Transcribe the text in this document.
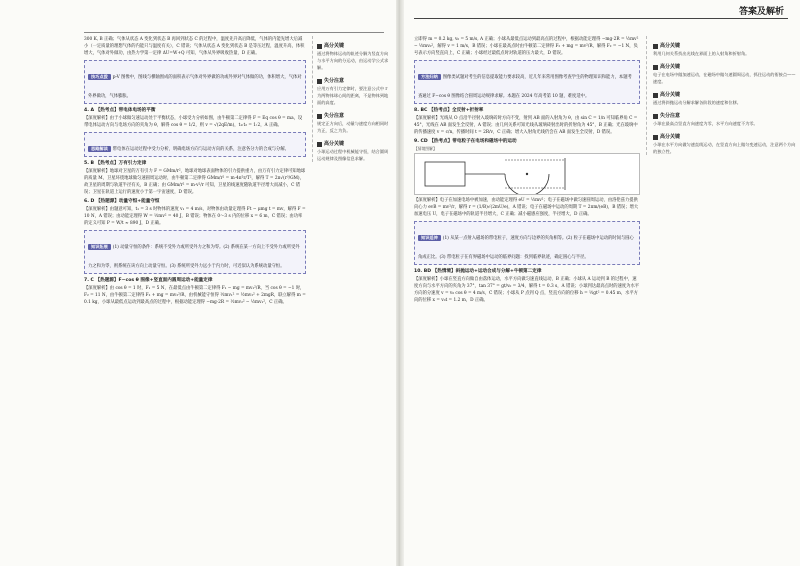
300 K, B 正确；气体从状态 A 变化到状态 B 再回到状态 C 的过程中，温度先升高后降低，气体的内能先增大后减小（一定质量的理想气体的内能只与温度有关），C 错误；气体从状态 A 变化到状态 B 是等压过程，温度升高，体积增大，气体对外做功，由热力学第一定律 ΔU=W+Q 可知，气体从外界吸收热量，D 正确。

技巧点拨 p-V 图像中，图线与横轴围成的面积表示气体对外界做的功或外界对气体做的功，体积增大，气体对外界做功，气体膨胀。
4. A 【热考点】带电体电场的平衡

【深度解析】由于小球做匀速运动处于平衡状态，小球受力分析如图，由牛顿第二定律得 F = Eq cos θ = ma，设带电体运动方向与电场方向的夹角为 θ，解得 cos θ = 1/2，则 v = √(2qE/m)，t₁:t₂ = 1:2，A 正确。

思路解读 带电体在运动过程中受力分析，明确电场方向与运动方向的关系，注意各分力的合成与分解。
5. B 【热考点】万有引力定律

【深度解析】地球对卫星的万有引力 F = GMm/r²，地球对地球表面物体的引力提供重力，由万有引力定律可知地球的质量 M，卫星环绕地球做匀速圆周运动时，由牛顿第二定律得 GMm/r² = m·4π²r/T²，解得 T = 2π√(r³/GM)，故卫星的周期与轨道半径有关，B 正确；由 GMm/r² = m·v²/r 可知，卫星的线速度随轨道半径增大而减小，C 错误；卫星在轨道上运行的速度小于第一宇宙速度，D 错误。

6. D 【热题源】动量守恒+能量守恒

【深度解析】由题意可知，t₁ = 3 s 时物体的速度 v₁ = 4 m/s，对物体由动量定理得 Ft − μmg t = mv，解得 F = 10 N，A 错误；由动能定理得 W = ½mv² = 40 J，B 错误；物体在 0～3 s 内的位移 x = 6 m，C 错误；由功率的定义可知 P = W/t ≈ 890 J，D 正确。

知识拓展 (1) 动量守恒的条件：系统不受外力或所受外力之和为零。(2) 系统在某一方向上不受外力或所受外力之和为零，则系统在该方向上动量守恒。(3) 系统所受外力远小于内力时，可近似认为系统动量守恒。
7. C 【热题源】F−cos θ 图像+竖直面内圆周运动+能量定律

【深度解析】由 cos θ = 1 时，F₁ = 5 N，在最低点由牛顿第二定律得 F₁ − mg = mv₁²/R，当 cos θ = −1 时，F₂ = 11 N，由牛顿第二定律得 F₂ + mg = mv₂²/R，由机械能守恒得 ½mv₁² = ½mv₂² + 2mgR，联立解得 m = 0.1 kg，小球从最低点运动到最高点的过程中，根据动能定理得 −mg·2R = ½mv₂² − ½mv₁²，C 正确。

高分关键
通过将物体运动的轨迹分解为竖直方向与水平方向的分运动，由运动学公式求解。
失分注意
应用万有引力定律时，要注意公式中 r 为两物体球心间的距离，不是物体到地面的高度。
失分注意
规定正方向后，动量与速度方向相同时为正，反之为负。
高分关键
小球运动过程中机械能守恒，结合圆周运动规律及图像信息求解。
答案及解析

立即得 m = 0.2 kg, v₀ = 5 m/s, A 正确；小球从最低点运动到最高点的过程中，根据动能定理得 −mg·2R = ½mv² − ½mv₀²，解得 v = 1 m/s，B 错误；小球在最高点时由牛顿第二定律得 F₂ + mg = mv²/R，解得 F₂ = −1 N，负号表示方向竖直向上，C 正确；小球经过最低点时对轨道的压力最大，D 错误。

方法归纳 图像类试题对考生的信息提取能力要求较高，近几年来常用图像考查学生的物理知识和能力，本题考查通过 F−cos θ 图像结合圆周运动规律求解。本题在 2024 年高考第 10 题，难度适中。
8. BC 【热考点】全反射+折射率

【深度解析】光线从 O 点沿半径射入玻璃砖时方向不变，射到 AB 面的入射角为 θ，由 sin C = 1/n 可知临界角 C = 45°，光线在 AB 面发生全反射，A 错误；由几何关系可知光线从玻璃砖射出时的折射角为 45°，B 正确；光在玻璃中的传播速度 v = c/n，传播时间 t = 2R/v，C 正确；增大入射角光线仍会在 AB 面发生全反射，D 错误。

9. CD 【热考点】带电粒子在电场和磁场中的运动
【情境图解】

【深度解析】电子在加速电场中被加速，由动能定理得 eU = ½mv²；电子在磁场中做匀速圆周运动，由洛伦兹力提供向心力 evB = mv²/r，解得 r = (1/B)√(2mU/e)，A 错误；电子在磁场中运动的周期 T = 2πm/(eB)，B 错误；增大加速电压 U，电子在磁场中的轨道半径增大，C 正确；减小磁感应强度，半径增大，D 正确。

知识延伸 (1) 从某一点射入磁场的带电粒子，速度方向与边界的夹角相等。(2) 粒子在磁场中运动的时间与圆心角成正比。(3) 带电粒子在有界磁场中运动的临界问题：找到临界轨迹，确定圆心与半径。
10. BD 【热情境】斜抛运动+运动合成与分解+牛顿第二定律

【深度解析】小球在竖直方向做自由落体运动，水平方向做匀速直线运动，B 正确；小球从 A 运动到 B 的过程中，速度方向与水平方向的夹角为 37°，tan 37° = gt/v₀ = 3/4，解得 t = 0.3 s，A 错误；小球到达最高点时的速度为水平方向的分速度 v = v₀ cos θ = 4 m/s，C 错误；小球从 P 点到 Q 点，竖直方向的位移 h = ½gt² = 0.45 m，水平方向的位移 x = v₀t = 1.2 m，D 正确。

高分关键
利用几何关系找出光线在界面上的入射角和折射角。
高分关键
电子在电场中做加速运动，在磁场中做匀速圆周运动，抓住运动的衔接点——速度。
高分关键
通过将斜抛运动分解求解各阶段的速度和位移。
失分注意
小球在最高点竖直方向速度为零，水平方向速度不为零。
高分关键
小球在水平方向做匀速直线运动，在竖直方向上做匀变速运动，注意两个方向的独立性。
